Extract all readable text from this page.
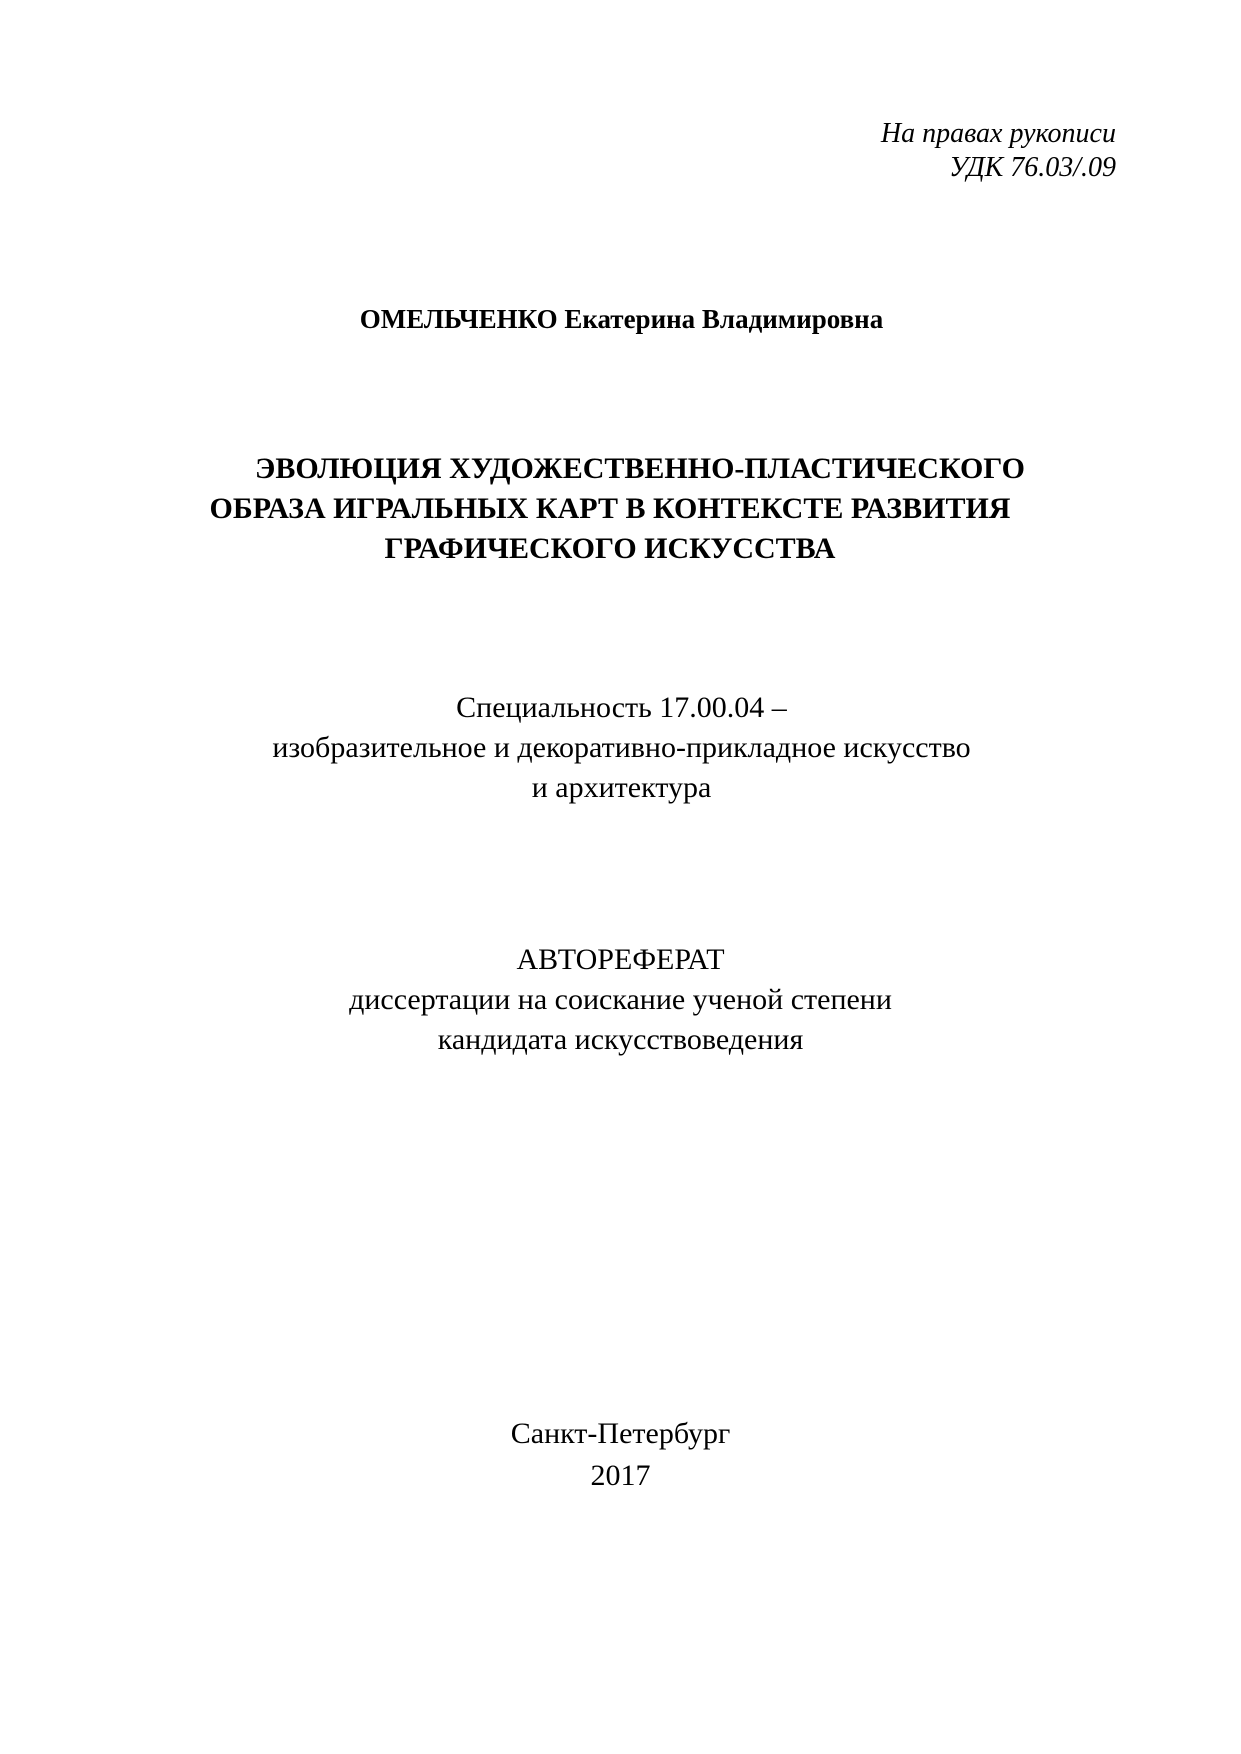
На правах рукописи
УДК 76.03/.09
ОМЕЛЬЧЕНКО Екатерина Владимировна
ЭВОЛЮЦИЯ ХУДОЖЕСТВЕННО-ПЛАСТИЧЕСКОГО
ОБРАЗА ИГРАЛЬНЫХ КАРТ В КОНТЕКСТЕ РАЗВИТИЯ
ГРАФИЧЕСКОГО ИСКУССТВА
Специальность 17.00.04 –
изобразительное и декоративно-прикладное искусство
и архитектура
АВТОРЕФЕРАТ
диссертации на соискание ученой степени
кандидата искусствоведения
Санкт-Петербург
2017
